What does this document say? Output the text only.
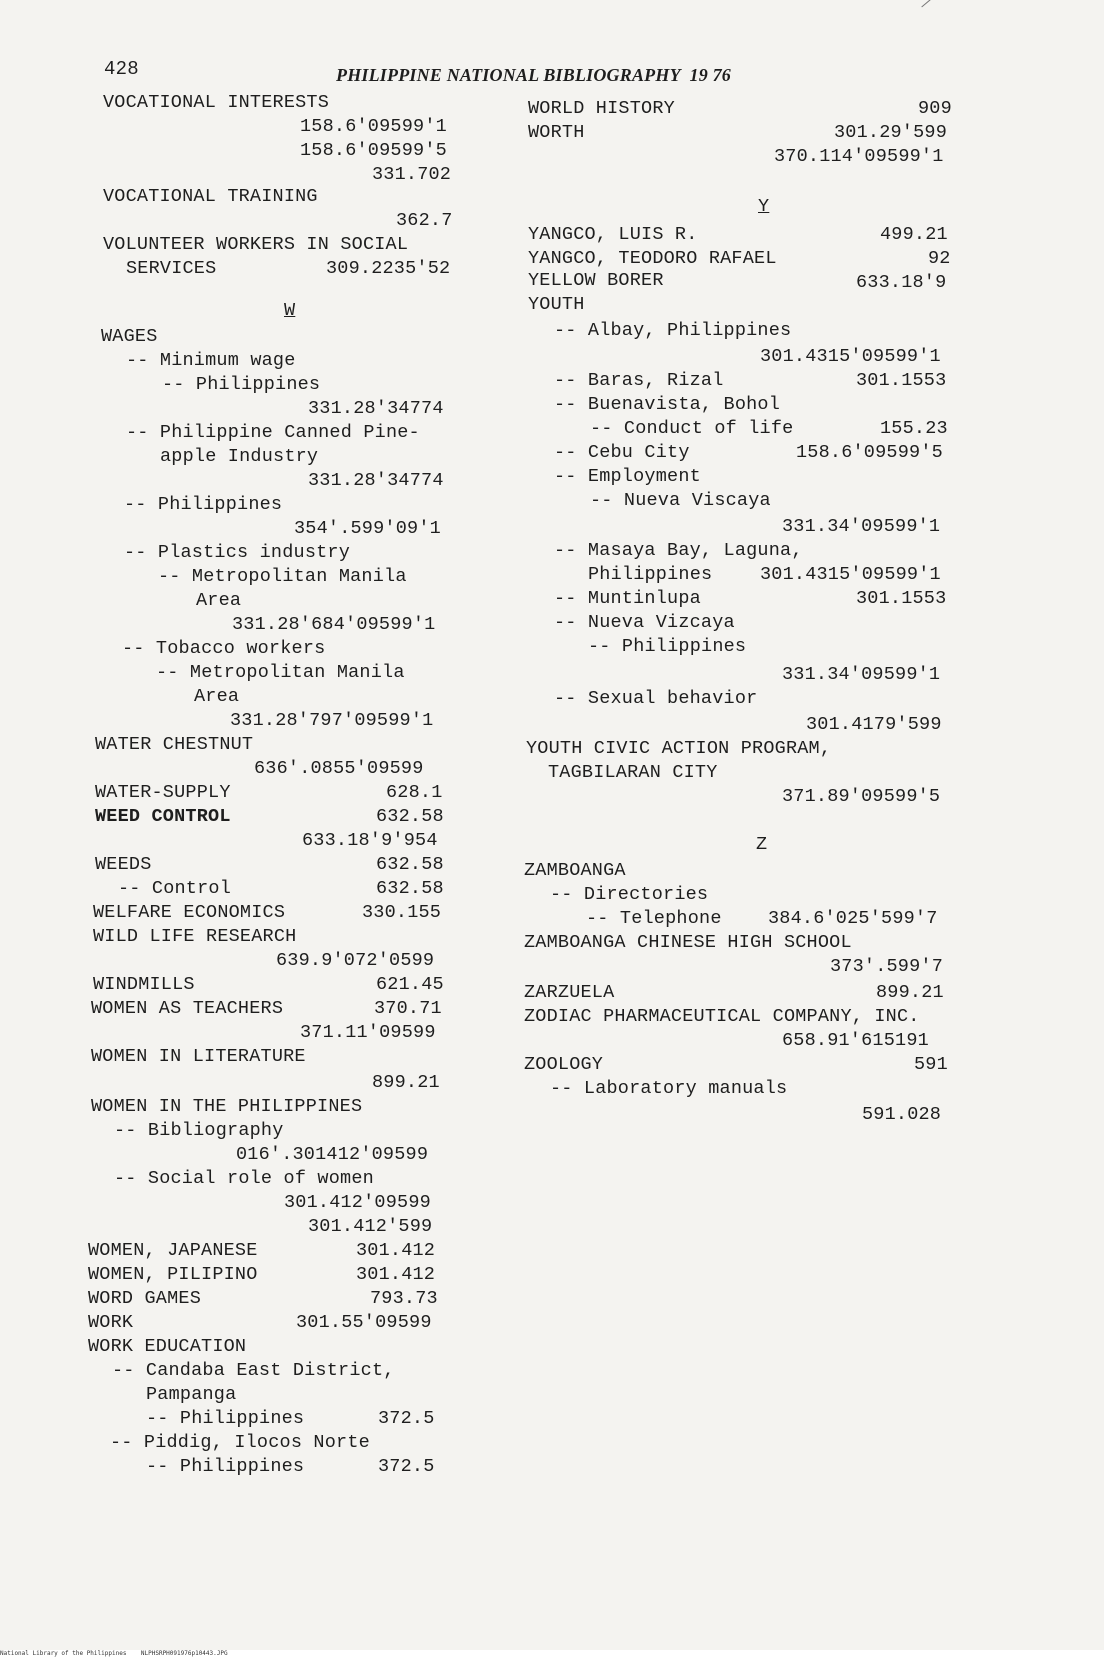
428	PHILIPPINE NATIONAL BIBLIOGRAPHY  19 76
VOCATIONAL INTERESTS
158.6'09599'1
158.6'09599'5
331.702
VOCATIONAL TRAINING
362.7
VOLUNTEER WORKERS IN SOCIAL
SERVICES	309.2235'52
W
WAGES
-- Minimum wage
-- Philippines
331.28'34774
-- Philippine Canned Pine-
apple Industry
331.28'34774
-- Philippines
354'.599'09'1
-- Plastics industry
-- Metropolitan Manila
Area
331.28'684'09599'1
-- Tobacco workers
-- Metropolitan Manila
Area
331.28'797'09599'1
WATER CHESTNUT
636'.0855'09599
WATER-SUPPLY	628.1
WEED CONTROL	632.58
633.18'9'954
WEEDS	632.58
-- Control	632.58
WELFARE ECONOMICS	330.155
WILD LIFE RESEARCH
639.9'072'0599
WINDMILLS	621.45
WOMEN AS TEACHERS	370.71
371.11'09599
WOMEN IN LITERATURE
899.21
WOMEN IN THE PHILIPPINES
-- Bibliography
016'.301412'09599
-- Social role of women
301.412'09599
301.412'599
WOMEN, JAPANESE	301.412
WOMEN, PILIPINO	301.412
WORD GAMES	793.73
WORK	301.55'09599
WORK EDUCATION
-- Candaba East District,
Pampanga
-- Philippines	372.5
-- Piddig, Ilocos Norte
-- Philippines	372.5
WORLD HISTORY	909
WORTH	301.29'599
370.114'09599'1
Y
YANGCO, LUIS R.	499.21
YANGCO, TEODORO RAFAEL	92
YELLOW BORER	633.18'9
YOUTH
-- Albay, Philippines
301.4315'09599'1
-- Baras, Rizal	301.1553
-- Buenavista, Bohol
-- Conduct of life	155.23
-- Cebu City	158.6'09599'5
-- Employment
-- Nueva Viscaya
331.34'09599'1
-- Masaya Bay, Laguna,
Philippines	301.4315'09599'1
-- Muntinlupa	301.1553
-- Nueva Vizcaya
-- Philippines
331.34'09599'1
-- Sexual behavior
301.4179'599
YOUTH CIVIC ACTION PROGRAM,
TAGBILARAN CITY
371.89'09599'5
Z
ZAMBOANGA
-- Directories
-- Telephone	384.6'025'599'7
ZAMBOANGA CHINESE HIGH SCHOOL
373'.599'7
ZARZUELA	899.21
ZODIAC PHARMACEUTICAL COMPANY, INC.
658.91'615191
ZOOLOGY	591
-- Laboratory manuals
591.028
National Library of the Philippines NLPHSRPH091976p10443.JPG
